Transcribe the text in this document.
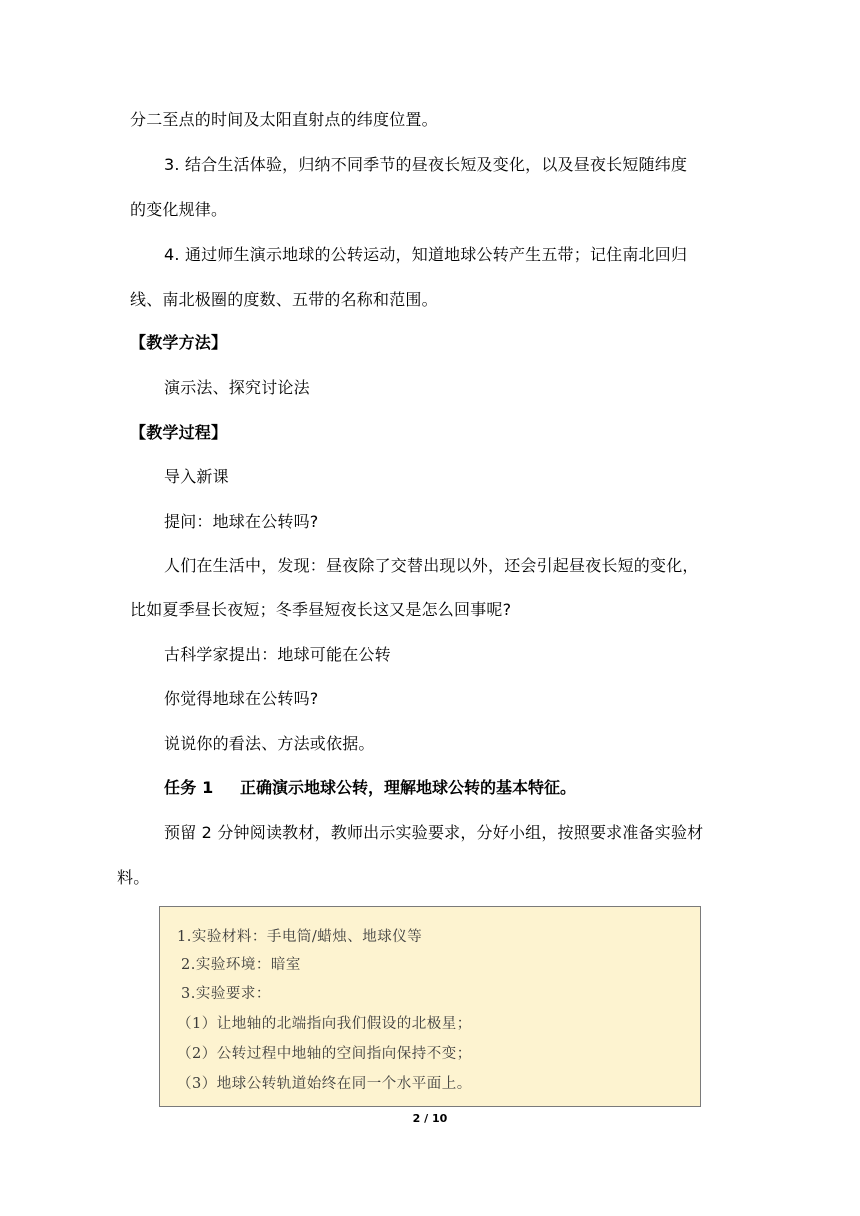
分二至点的时间及太阳直射点的纬度位置。
3. 结合生活体验，归纳不同季节的昼夜长短及变化，以及昼夜长短随纬度
的变化规律。
4. 通过师生演示地球的公转运动，知道地球公转产生五带；记住南北回归
线、南北极圈的度数、五带的名称和范围。
【教学方法】
演示法、探究讨论法
【教学过程】
导入新课
提问：地球在公转吗?
人们在生活中，发现：昼夜除了交替出现以外，还会引起昼夜长短的变化，
比如夏季昼长夜短；冬季昼短夜长这又是怎么回事呢?
古科学家提出：地球可能在公转
你觉得地球在公转吗?
说说你的看法、方法或依据。
任务 1 正确演示地球公转，理解地球公转的基本特征。
预留 2 分钟阅读教材，教师出示实验要求，分好小组，按照要求准备实验材
料。
1.实验材料：手电筒/蜡烛、地球仪等
2.实验环境：暗室
3.实验要求：
（1）让地轴的北端指向我们假设的北极星；
（2）公转过程中地轴的空间指向保持不变；
（3）地球公转轨道始终在同一个水平面上。
2 / 10
